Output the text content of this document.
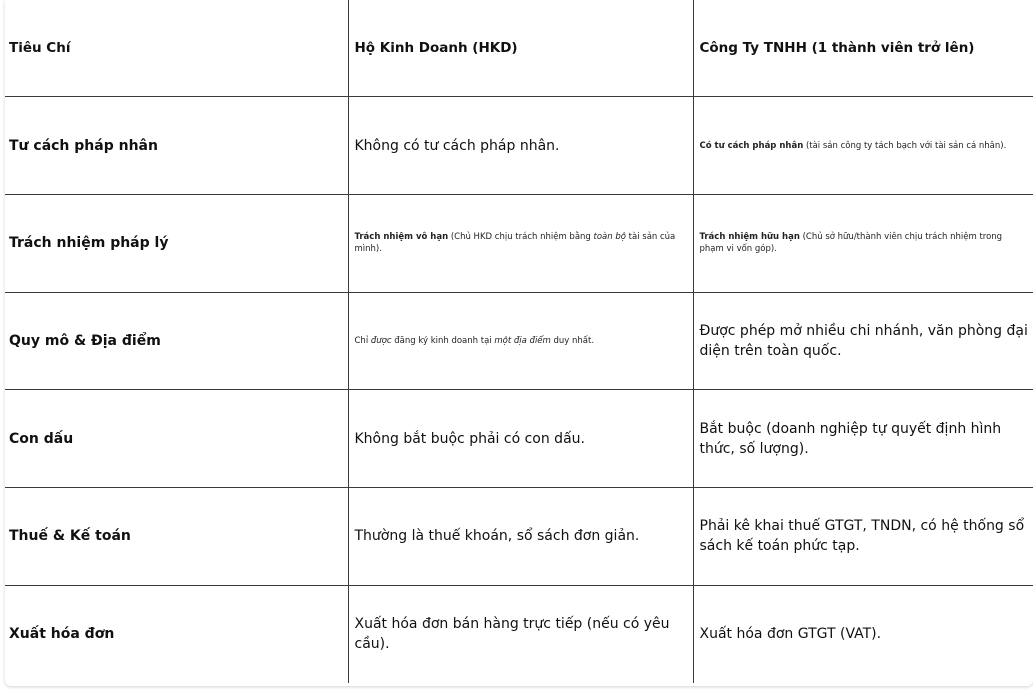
Tiêu Chí	Hộ Kinh Doanh (HKD)	Công Ty TNHH (1 thành viên trở lên)
Tư cách pháp nhân	Không có tư cách pháp nhân.	Có tư cách pháp nhân (tài sản công ty tách bạch với tài sản cá nhân).
Trách nhiệm pháp lý	Trách nhiệm vô hạn (Chủ HKD chịu trách nhiệm bằng toàn bộ tài sản của mình).	Trách nhiệm hữu hạn (Chủ sở hữu/thành viên chịu trách nhiệm trong phạm vi vốn góp).
Quy mô & Địa điểm	Chỉ được đăng ký kinh doanh tại một địa điểm duy nhất.	Được phép mở nhiều chi nhánh, văn phòng đại diện trên toàn quốc.
Con dấu	Không bắt buộc phải có con dấu.	Bắt buộc (doanh nghiệp tự quyết định hình thức, số lượng).
Thuế & Kế toán	Thường là thuế khoán, sổ sách đơn giản.	Phải kê khai thuế GTGT, TNDN, có hệ thống sổ sách kế toán phức tạp.
Xuất hóa đơn	Xuất hóa đơn bán hàng trực tiếp (nếu có yêu cầu).	Xuất hóa đơn GTGT (VAT).
